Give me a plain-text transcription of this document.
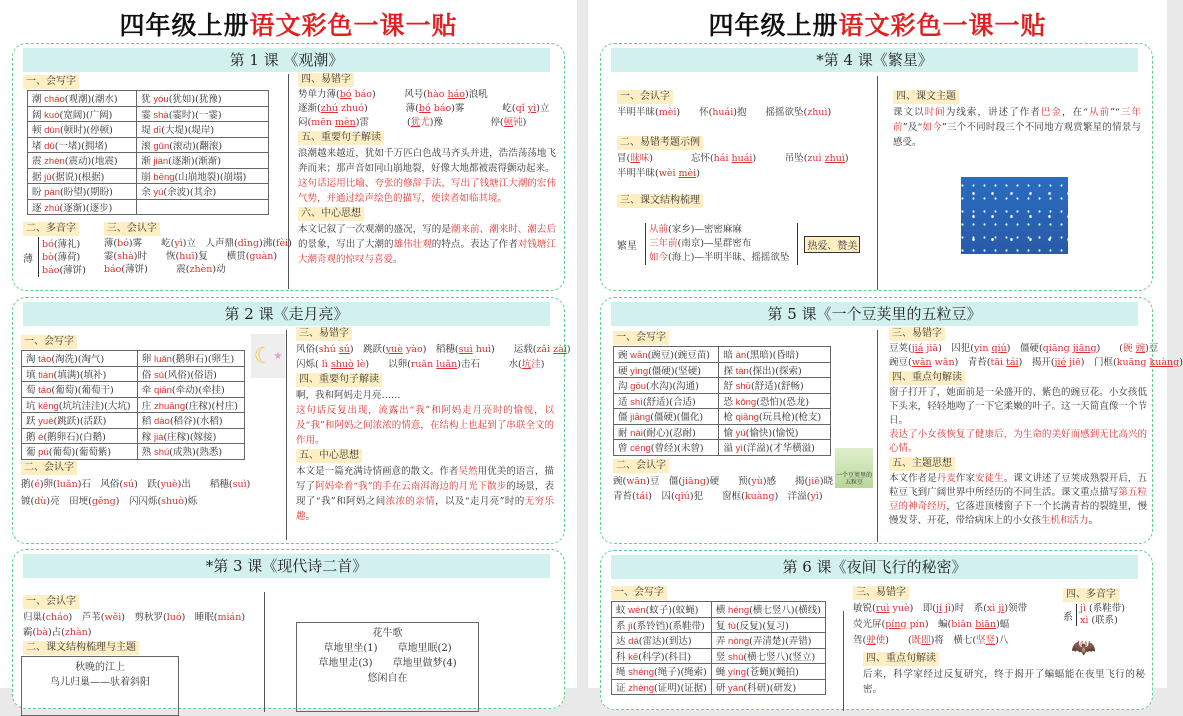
四年级上册语文彩色一课一贴
第 1 课 《观潮》
一、会写字
潮 cháo(观潮)(潮水)	犹 yóu(犹如)(犹豫)
阔 kuò(宽阔)(广阔)	霎 shà(霎时)(一霎)
顿 dùn(顿时)(停顿)	堤 dī(大堤)(堤岸)
堵 dǔ(一堵)(拥堵)	滚 gǔn(滚动)(翻滚)
震 zhèn(震动)(地震)	渐 jiàn(逐渐)(渐渐)
据 jù(据说)(根据)	崩 bēng(山崩地裂)(崩塌)
盼 pàn(盼望)(期盼)	余 yú(余波)(其余)
逐 zhú(逐渐)(逐步)	
二、多音字
薄
bó(薄礼)
bò(薄荷)
báo(薄饼)
三、会认字
薄(bó)雾　　屹(yì)立　人声鼎(dǐng)沸(fèi)
霎(shà)时　　恢(huī)复　　横贯(guàn)
báo(薄饼)　　　震(zhèn)动
四、易错字
势单力薄(bó báo)　　　风号(hào háo)浪吼
逐渐(zhú zhuó)　　　　薄(bó báo)雾　　　　屹(qǐ yì)立
闷(mēn mèn)雷　　　　(犹尤)豫　　　　　停(顿钝)
五、重要句子解读
浪潮越来越近，犹如千万匹白色战马齐头并进，浩浩荡荡地飞奔而来；那声音如同山崩地裂，好像大地都被震得颤动起来。
这句话运用比喻、夸张的修辞手法，写出了钱塘江大潮的宏伟气势，并通过绘声绘色的描写，使读者如临其境。
六、中心思想
本文记叙了一次观潮的盛况，写的是潮来前、潮来时、潮去后的景象，写出了大潮的雄伟壮观的特点。表达了作者对钱塘江大潮奇观的惊叹与喜爱。
第 2 课《走月亮》
一、会写字
淘 táo(淘洗)(淘气)	卵 luǎn(鹅卵石)(卵生)
填 tián(填满)(填补)	俗 sú(风俗)(俗语)
萄 táo(葡萄)(葡萄干)	牵 qiān(牵动)(牵挂)
坑 kēng(坑坑洼洼)(大坑)	庄 zhuāng(庄稼)(村庄)
跃 yuè(跳跃)(活跃)	稻 dào(稻谷)(水稻)
鹅 é(鹅卵石)(白鹅)	稼 jià(庄稼)(嫁接)
葡 pú(葡萄)(葡萄紫)	熟 shú(成熟)(熟悉)
二、会认字
鹅(é)卵(luǎn)石　风俗(sú)　跃(yuè)出　　稻穗(suì)
镀(dù)亮　田埂(gěng)　闪闪烁(shuò)烁
☾ ★
三、易错字
风俗(shú sú)　跳跃(yuè yào)　稻穗(suì huì)　　运载(zǎi zài)
闪烁( lì shuò lè)　　以卵(ruǎn luǎn)击石　　　水(坑洼)
四、重要句子解读
啊，我和阿妈走月亮……
这句话反复出现，流露出“我”和阿妈走月亮时的愉悦，以及“我”和阿妈之间浓浓的情意，在结构上也起到了串联全文的作用。
五、中心思想
本文是一篇充满诗情画意的散文。作者吴然用优美的语言，描写了阿妈牵着“我”的手在云南洱海边的月光下散步的场景，表现了“我”和阿妈之间浓浓的亲情，以及“走月亮”时的无穷乐趣。
*第 3 课《现代诗二首》
一、会认字
归巢(cháo)　芦苇(wěi)　剪秋罗(luó)　睡眠(mián)
霸(bà)占(zhàn)
二、课文结构梳理与主题
秋晚的江上
鸟儿归巢——驮着斜阳
花牛歌
草地里坐(1)　　草地里眠(2)
草地里走(3)　　草地里做梦(4)
悠闲自在
四年级上册语文彩色一课一贴
*第 4 课《繁星》
一、会认字
半明半昧(mèi)　　怀(huái)抱　　摇摇欲坠(zhuì)
二、易错考题示例
冒(昧味)　　　　忘怀(hái huái)　　　吊坠(zuì zhuì)
半明半昧(wèi mèi)
三、课文结构梳理
繁星
从前(家乡)—密密麻麻
三年前(南京)—星群密布
如今(海上)—半明半昧、摇摇欲坠
热爱、赞美
四、课文主题
课文以时间为线索，讲述了作者巴金，在“从前”“三年前”及“如今”三个不同时段三个不同地方观赏繁星的情景与感受。
第 5 课《一个豆荚里的五粒豆》
一、会写字
豌 wān(豌豆)(豌豆苗)	暗 àn(黑暗)(昏暗)
硬 yìng(僵硬)(坚硬)	探 tàn(探出)(探索)
沟 gōu(水沟)(沟通)	舒 shū(舒适)(舒畅)
适 shì(舒适)(合适)	恐 kǒng(恐怕)(恐龙)
僵 jiāng(僵硬)(僵化)	枪 qiāng(玩具枪)(枪支)
耐 nài(耐心)(忍耐)	愉 yú(愉快)(愉悦)
曾 céng(曾经)(未曾)	溢 yì(洋溢)(才华横溢)
二、会认字
豌(wān)豆　僵(jiāng)硬　　预(yù)感　　揭(jiē)晓
青苔(tái)　囚(qiú)犯　　窗框(kuàng)　洋溢(yì)
一个豆荚里的五粒豆
三、易错字
豆荚(jiá jiā)　囚犯(yin qiú)　僵硬(qiāng jiāng)　　(碗 豌)豆
豌豆(wān wǎn)　青苔(tāi tái)　揭开(jié jiē)　门框(kuāng kuàng)
四、重点句解读
窗子打开了，她面前是一朵盛开的、紫色的豌豆花。小女孩低下头来，轻轻地吻了一下它柔嫩的叶子。这一天简直像一个节日。
表达了小女孩恢复了健康后，为生命的美好而感到无比高兴的心情。
五、主题思想
本文作者是丹麦作家安徒生。课文讲述了豆荚成熟裂开后，五粒豆飞到广阔世界中所经历的不同生活。课文重点描写第五粒豆的神奇经历，它落进顶楼窗子下一个长满青苔的裂缝里，慢慢发芽、开花，带给病床上的小女孩生机和活力。
第 6 课《夜间飞行的秘密》
一、会写字
蚊 wén(蚊子)(蚊蝇)	横 héng(横七竖八)(横线)
系 jì(系铃铛)(系鞋带)	复 fù(反复)(复习)
达 dá(雷达)(到达)	弄 nòng(弄清楚)(弄错)
科 kē(科学)(科目)	竖 shù(横七竖八)(竖立)
绳 shéng(绳子)(绳索)	蝇 yíng(苍蝇)(蝇拍)
证 zhèng(证明)(证据)	研 yán(科研)(研发)
三、易错字
敏锐(ruì yuè)　即(jí jì)时　系(xì jì)领带
荧光屏(píng pín)　蝙(biǎn biān)蝠
驾(驶使)　　(既即)将　横七(坚竖)八
四、多音字
系
jì (系鞋带)
xì (联系)
🦇
四、重点句解读
后来，科学家经过反复研究，终于揭开了蝙蝠能在夜里飞行的秘密。
